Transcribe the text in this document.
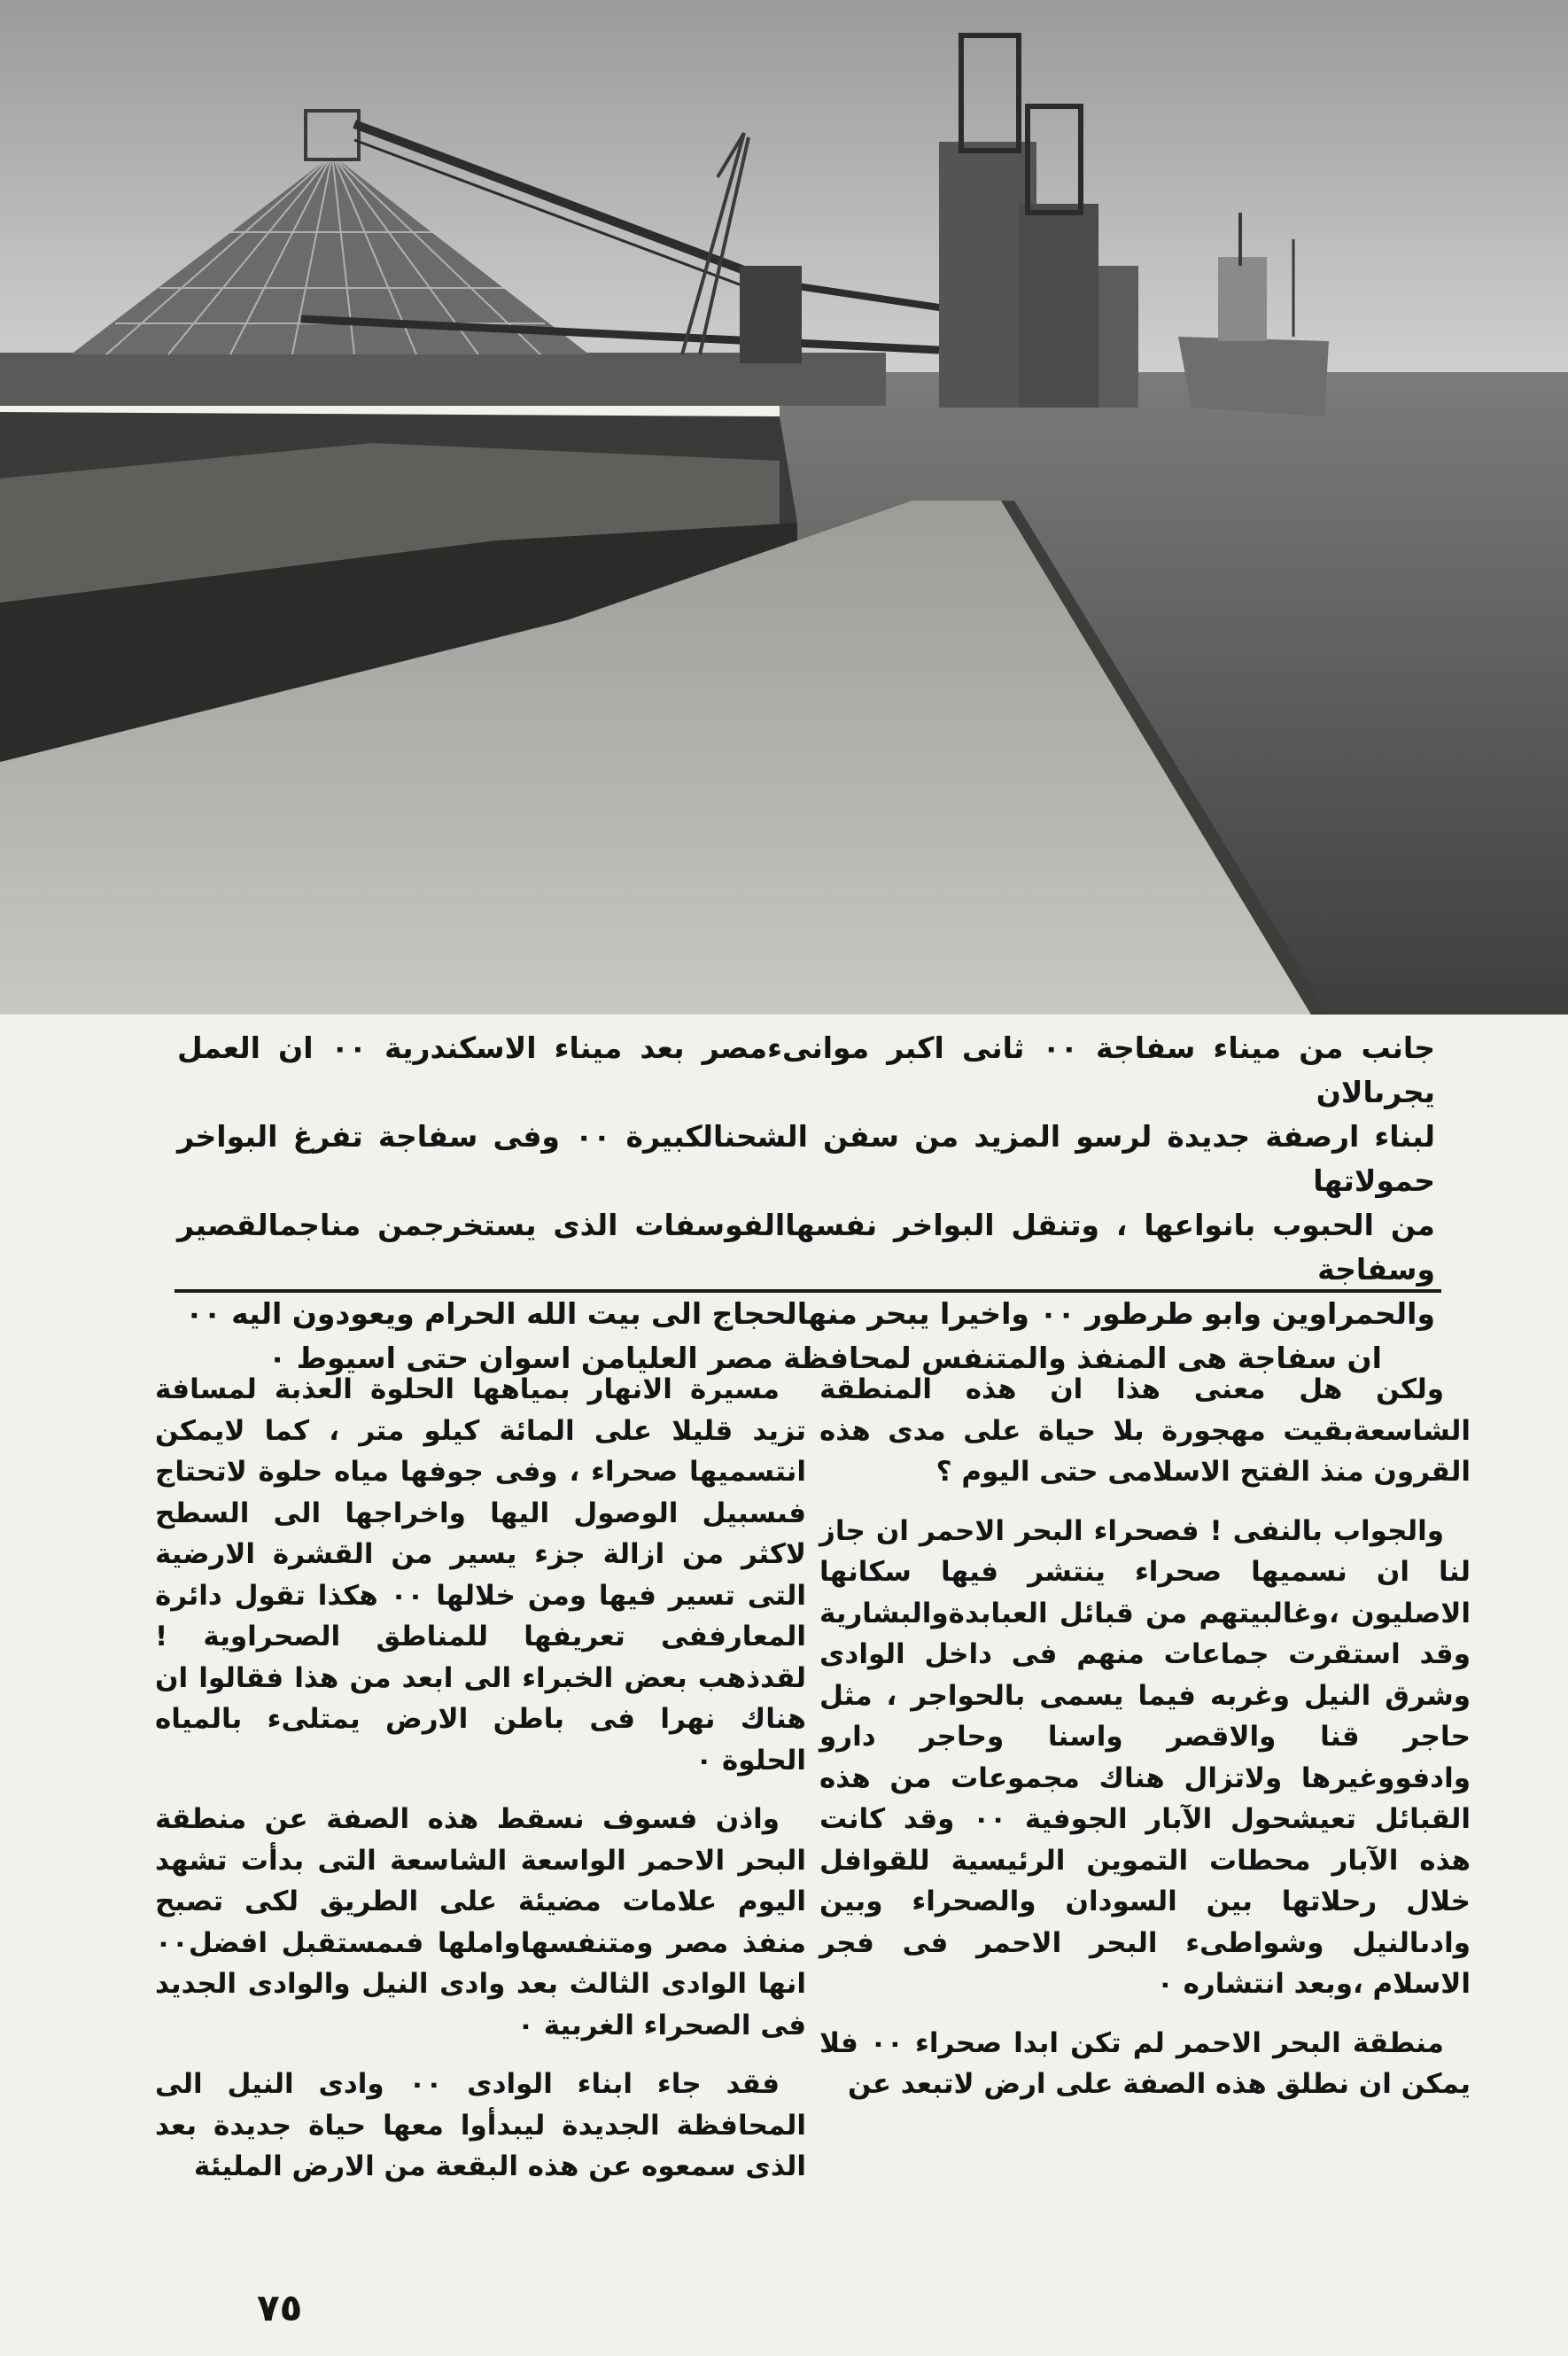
جانب من ميناء سفاجة ٠٠ ثانى اكبر موانىءمصر بعد ميناء الاسكندرية ٠٠ ان العمل يجرىالان

لبناء ارصفة جديدة لرسو المزيد من سفن الشحنالكبيرة ٠٠ وفى سفاجة تفرغ البواخر حمولاتها

من الحبوب بانواعها ، وتنقل البواخر نفسهاالفوسفات الذى يستخرجمن مناجمالقصير وسفاجة

والحمراوين وابو طرطور ٠٠ واخيرا يبحر منهالحجاج الى بيت الله الحرام ويعودون اليه ٠٠

ان سفاجة هى المنفذ والمتنفس لمحافظة مصر العليامن اسوان حتى اسيوط ٠

ولكن هل معنى هذا ان هذه المنطقة الشاسعةبقيت مهجورة بلا حياة على مدى هذه القرون منذ الفتح الاسلامى حتى اليوم ؟

والجواب بالنفى ! فصحراء البحر الاحمر ان جاز لنا ان نسميها صحراء ينتشر فيها سكانها الاصليون ،وغالبيتهم من قبائل العبابدةوالبشارية وقد استقرت جماعات منهم فى داخل الوادى وشرق النيل وغربه فيما يسمى بالحواجر ، مثل حاجر قنا والاقصر واسنا وحاجر دارو وادفووغيرها ولاتزال هناك مجموعات من هذه القبائل تعيشحول الآبار الجوفية ٠٠ وقد كانت هذه الآبار محطات التموين الرئيسية للقوافل خلال رحلاتها بين السودان والصحراء وبين وادىالنيل وشواطىء البحر الاحمر فى فجر الاسلام ،وبعد انتشاره ٠

منطقة البحر الاحمر لم تكن ابدا صحراء ٠٠ فلا يمكن ان نطلق هذه الصفة على ارض لاتبعد عن

مسيرة الانهار بمياهها الحلوة العذبة لمسافة تزيد قليلا على المائة كيلو متر ، كما لايمكن انتسميها صحراء ، وفى جوفها مياه حلوة لاتحتاج فىسبيل الوصول اليها واخراجها الى السطح لاكثر من ازالة جزء يسير من القشرة الارضية التى تسير فيها ومن خلالها ٠٠ هكذا تقول دائرة المعارففى تعريفها للمناطق الصحراوية ! لقدذهب بعض الخبراء الى ابعد من هذا فقالوا ان هناك نهرا فى باطن الارض يمتلىء بالمياه الحلوة ٠

واذن فسوف نسقط هذه الصفة عن منطقة البحر الاحمر الواسعة الشاسعة التى بدأت تشهد اليوم علامات مضيئة على الطريق لكى تصبح منفذ مصر ومتنفسهاواملها فىمستقبل افضل٠٠ انها الوادى الثالث بعد وادى النيل والوادى الجديد فى الصحراء الغربية ٠

فقد جاء ابناء الوادى ٠٠ وادى النيل الى المحافظة الجديدة ليبدأوا معها حياة جديدة بعد الذى سمعوه عن هذه البقعة من الارض المليئة

٧٥
